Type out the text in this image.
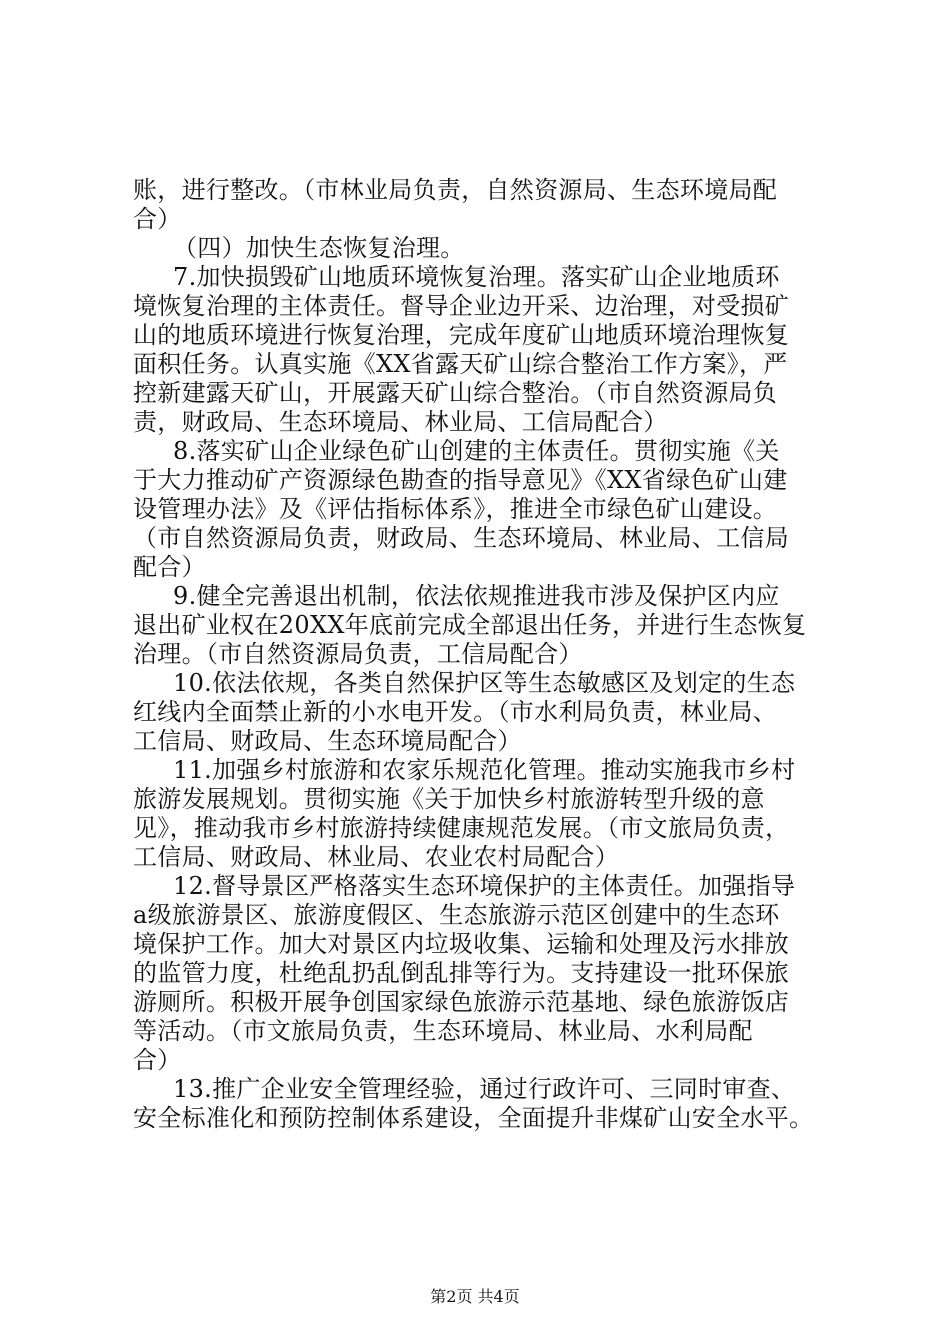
账，进行整改。（市林业局负责，自然资源局、生态环境局配
合）
（四）加快生态恢复治理。
7.加快损毁矿山地质环境恢复治理。落实矿山企业地质环
境恢复治理的主体责任。督导企业边开采、边治理，对受损矿
山的地质环境进行恢复治理，完成年度矿山地质环境治理恢复
面积任务。认真实施《XX省露天矿山综合整治工作方案》，严
控新建露天矿山，开展露天矿山综合整治。（市自然资源局负
责，财政局、生态环境局、林业局、工信局配合）
8.落实矿山企业绿色矿山创建的主体责任。贯彻实施《关
于大力推动矿产资源绿色勘查的指导意见》《XX省绿色矿山建
设管理办法》及《评估指标体系》，推进全市绿色矿山建设。
（市自然资源局负责，财政局、生态环境局、林业局、工信局
配合）
9.健全完善退出机制，依法依规推进我市涉及保护区内应
退出矿业权在20XX年底前完成全部退出任务，并进行生态恢复
治理。（市自然资源局负责，工信局配合）
10.依法依规，各类自然保护区等生态敏感区及划定的生态
红线内全面禁止新的小水电开发。（市水利局负责，林业局、
工信局、财政局、生态环境局配合）
11.加强乡村旅游和农家乐规范化管理。推动实施我市乡村
旅游发展规划。贯彻实施《关于加快乡村旅游转型升级的意
见》，推动我市乡村旅游持续健康规范发展。（市文旅局负责，
工信局、财政局、林业局、农业农村局配合）
12.督导景区严格落实生态环境保护的主体责任。加强指导
a级旅游景区、旅游度假区、生态旅游示范区创建中的生态环
境保护工作。加大对景区内垃圾收集、运输和处理及污水排放
的监管力度，杜绝乱扔乱倒乱排等行为。支持建设一批环保旅
游厕所。积极开展争创国家绿色旅游示范基地、绿色旅游饭店
等活动。（市文旅局负责，生态环境局、林业局、水利局配
合）
13.推广企业安全管理经验，通过行政许可、三同时审查、
安全标准化和预防控制体系建设，全面提升非煤矿山安全水平。
第2页 共4页
